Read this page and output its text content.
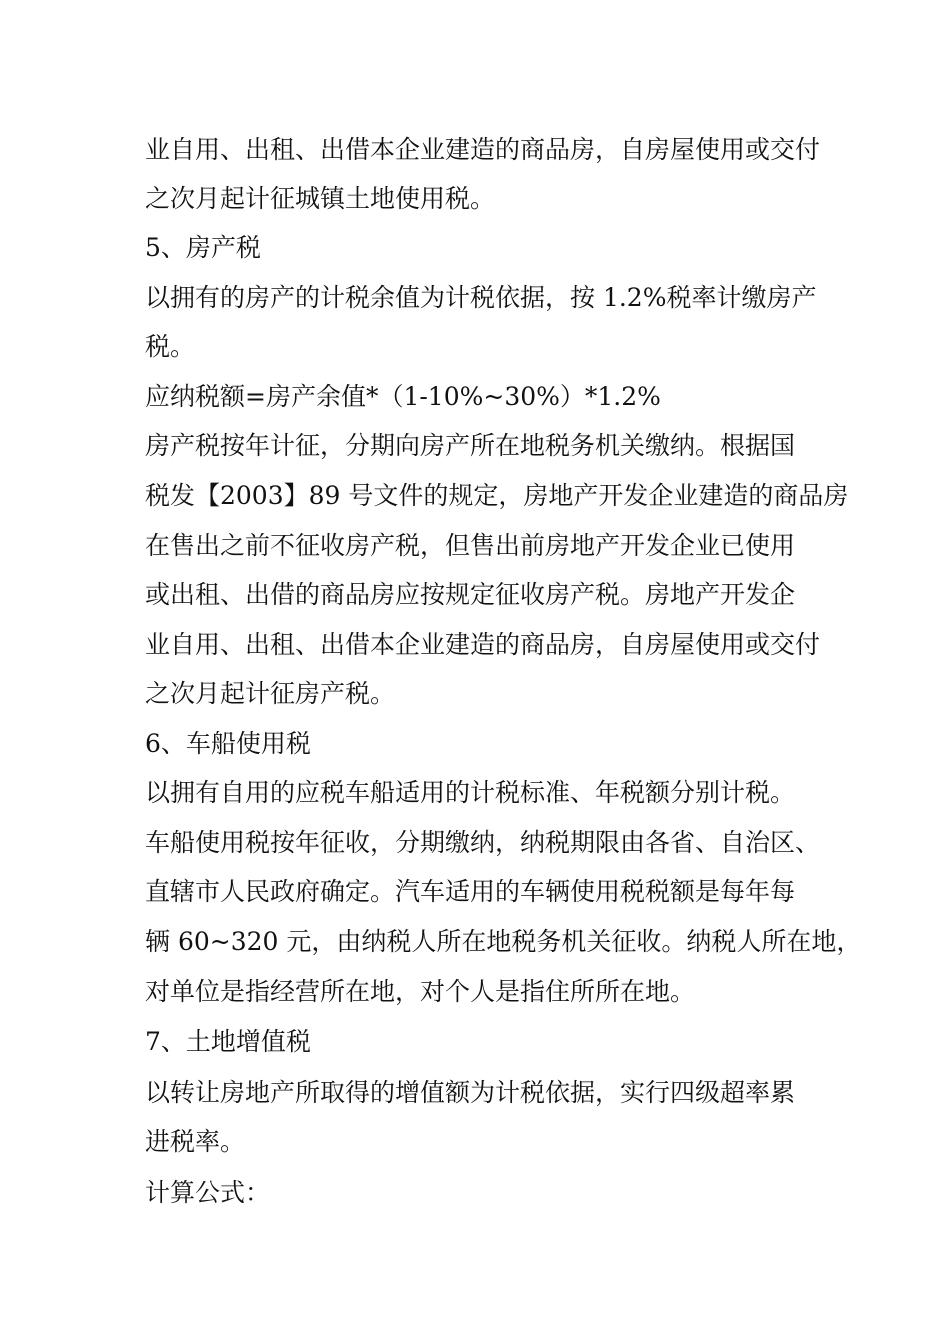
业自用、出租、出借本企业建造的商品房，自房屋使用或交付
之次月起计征城镇土地使用税。
5、房产税
以拥有的房产的计税余值为计税依据，按 1.2%税率计缴房产
税。
应纳税额=房产余值*（1-10%~30%）*1.2%
房产税按年计征，分期向房产所在地税务机关缴纳。根据国
税发【2003】89 号文件的规定，房地产开发企业建造的商品房
在售出之前不征收房产税，但售出前房地产开发企业已使用
或出租、出借的商品房应按规定征收房产税。房地产开发企
业自用、出租、出借本企业建造的商品房，自房屋使用或交付
之次月起计征房产税。
6、车船使用税
以拥有自用的应税车船适用的计税标准、年税额分别计税。
车船使用税按年征收，分期缴纳，纳税期限由各省、自治区、
直辖市人民政府确定。汽车适用的车辆使用税税额是每年每
辆 60~320 元，由纳税人所在地税务机关征收。纳税人所在地，
对单位是指经营所在地，对个人是指住所所在地。
7、土地增值税
以转让房地产所取得的增值额为计税依据，实行四级超率累
进税率。
计算公式：
